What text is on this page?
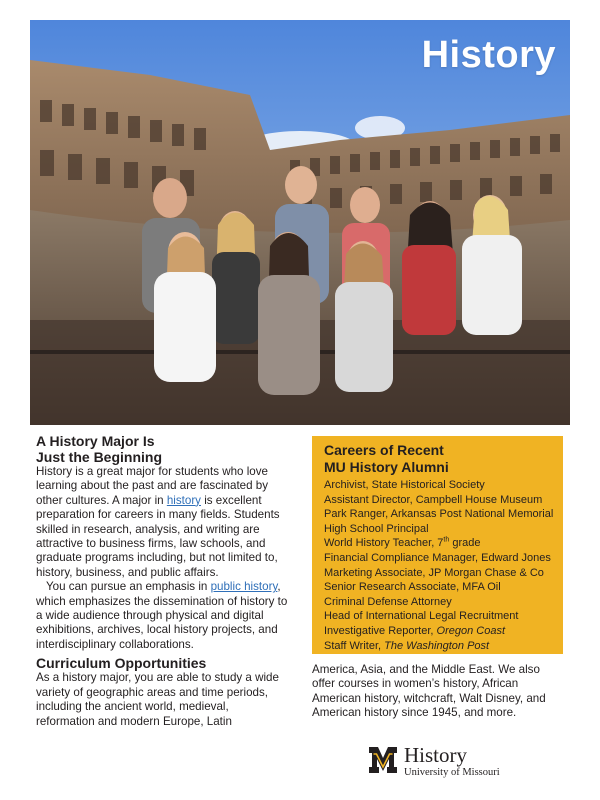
History
A History Major Is
Just the Beginning

History is a great major for students who love learning about the past and are fascinated by other cultures. A major in history is excellent preparation for careers in many fields. Students skilled in research, analysis, and writing are attractive to business firms, law schools, and graduate programs including, but not limited to, history, business, and public affairs.

You can pursue an emphasis in public history, which emphasizes the dissemination of history to a wide audience through physical and digital exhibitions, archives, local history projects, and interdisciplinary collaborations.

Curriculum Opportunities

As a history major, you are able to study a wide variety of geographic areas and time periods, including the ancient world, medieval, reformation and modern Europe, Latin

Careers of Recent
MU History Alumni
Archivist, State Historical Society
Assistant Director, Campbell House Museum
Park Ranger, Arkansas Post National Memorial
High School Principal
World History Teacher, 7th grade
Financial Compliance Manager, Edward Jones
Marketing Associate, JP Morgan Chase & Co
Senior Research Associate, MFA Oil
Criminal Defense Attorney
Head of International Legal Recruitment
Investigative Reporter, Oregon Coast
Staff Writer, The Washington Post

America, Asia, and the Middle East. We also offer courses in women’s history, African American history, witchcraft, Walt Disney, and American history since 1945, and more.

History
University of Missouri
